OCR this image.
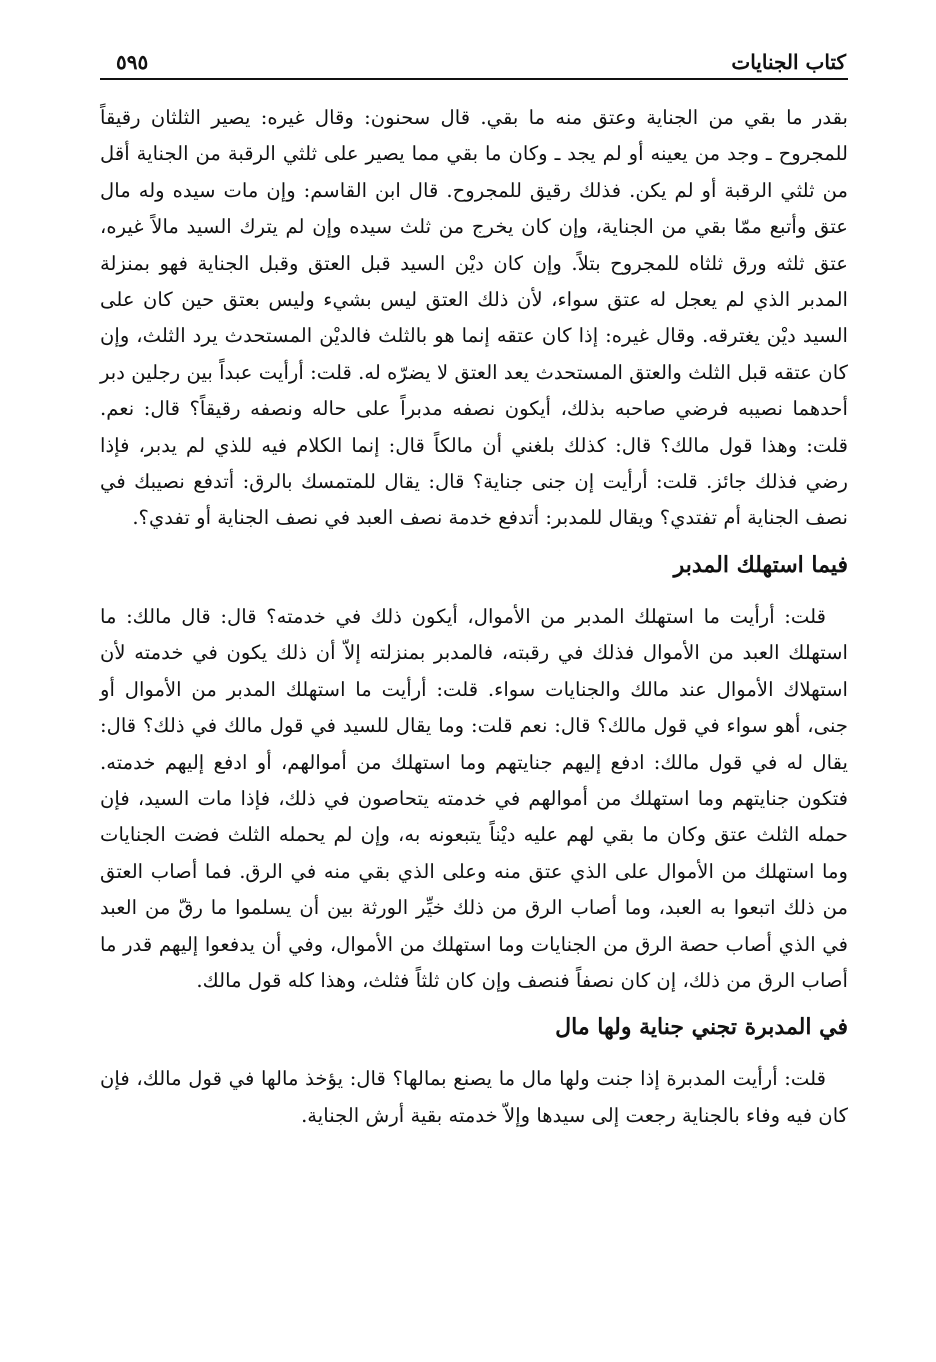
كتاب الجنايات
٥٩٥

بقدر ما بقي من الجناية وعتق منه ما بقي. قال سحنون: وقال غيره: يصير الثلثان رقيقاً للمجروح ـ وجد من يعينه أو لم يجد ـ وكان ما بقي مما يصير على ثلثي الرقبة من الجناية أقل من ثلثي الرقبة أو لم يكن. فذلك رقيق للمجروح. قال ابن القاسم: وإن مات سيده وله مال عتق وأتبع ممّا بقي من الجناية، وإن كان يخرج من ثلث سيده وإن لم يترك السيد مالاً غيره، عتق ثلثه ورق ثلثاه للمجروح بتلاً. وإن كان ديْن السيد قبل العتق وقبل الجناية فهو بمنزلة المدبر الذي لم يعجل له عتق سواء، لأن ذلك العتق ليس بشيء وليس بعتق حين كان على السيد ديْن يغترقه. وقال غيره: إذا كان عتقه إنما هو بالثلث فالديْن المستحدث يرد الثلث، وإن كان عتقه قبل الثلث والعتق المستحدث يعد العتق لا يضرّه له. قلت: أرأيت عبداً بين رجلين دبر أحدهما نصيبه فرضي صاحبه بذلك، أيكون نصفه مدبراً على حاله ونصفه رقيقاً؟ قال: نعم. قلت: وهذا قول مالك؟ قال: كذلك بلغني أن مالكاً قال: إنما الكلام فيه للذي لم يدبر، فإذا رضي فذلك جائز. قلت: أرأيت إن جنى جناية؟ قال: يقال للمتمسك بالرق: أتدفع نصيبك في نصف الجناية أم تفتدي؟ ويقال للمدبر: أتدفع خدمة نصف العبد في نصف الجناية أو تفدي؟.

فيما استهلك المدبر

قلت: أرأيت ما استهلك المدبر من الأموال، أيكون ذلك في خدمته؟ قال: قال مالك: ما استهلك العبد من الأموال فذلك في رقبته، فالمدبر بمنزلته إلاّ أن ذلك يكون في خدمته لأن استهلاك الأموال عند مالك والجنايات سواء. قلت: أرأيت ما استهلك المدبر من الأموال أو جنى، أهو سواء في قول مالك؟ قال: نعم قلت: وما يقال للسيد في قول مالك في ذلك؟ قال: يقال له في قول مالك: ادفع إليهم جنايتهم وما استهلك من أموالهم، أو ادفع إليهم خدمته. فتكون جنايتهم وما استهلك من أموالهم في خدمته يتحاصون في ذلك، فإذا مات السيد، فإن حمله الثلث عتق وكان ما بقي لهم عليه ديْناً يتبعونه به، وإن لم يحمله الثلث فضت الجنايات وما استهلك من الأموال على الذي عتق منه وعلى الذي بقي منه في الرق. فما أصاب العتق من ذلك اتبعوا به العبد، وما أصاب الرق من ذلك خيِّر الورثة بين أن يسلموا ما رقّ من العبد في الذي أصاب حصة الرق من الجنايات وما استهلك من الأموال، وفي أن يدفعوا إليهم قدر ما أصاب الرق من ذلك، إن كان نصفاً فنصف وإن كان ثلثاً فثلث، وهذا كله قول مالك.

في المدبرة تجني جناية ولها مال

قلت: أرأيت المدبرة إذا جنت ولها مال ما يصنع بمالها؟ قال: يؤخذ مالها في قول مالك، فإن كان فيه وفاء بالجناية رجعت إلى سيدها وإلاّ خدمته بقية أرش الجناية.
